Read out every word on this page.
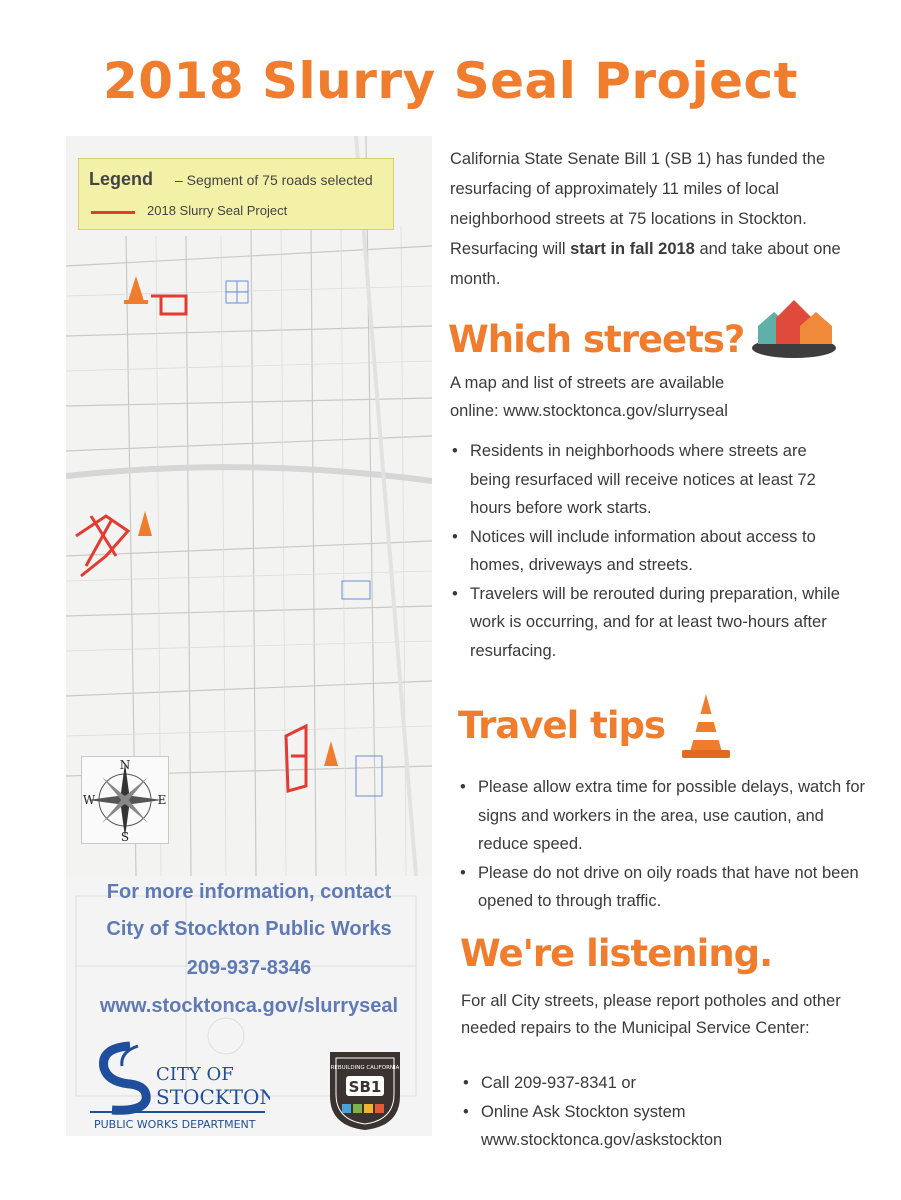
2018 Slurry Seal Project
Legend – Segment of 75 roads selected
2018 Slurry Seal Project
N
S
W	E
For more information, contact
City of Stockton Public Works
209-937-8346
www.stocktonca.gov/slurryseal
CITY OF
STOCKTON
PUBLIC WORKS DEPARTMENT
SB1
REBUILDING CALIFORNIA

California State Senate Bill 1 (SB 1) has funded the resurfacing of approximately 11 miles of local neighborhood streets at 75 locations in Stockton. Resurfacing will start in fall 2018 and take about one month.

Which streets?

A map and list of streets are available

online: www.stocktonca.gov/slurryseal

• Residents in neighborhoods where streets are being resurfaced will receive notices at least 72 hours before work starts.
• Notices will include information about access to homes, driveways and streets.
• Travelers will be rerouted during preparation, while work is occurring, and for at least two-hours after resurfacing.
Travel tips
• Please allow extra time for possible delays, watch for signs and workers in the area, use caution, and reduce speed.
• Please do not drive on oily roads that have not been opened to through traffic.
We're listening.

For all City streets, please report potholes and other needed repairs to the Municipal Service Center:

• Call 209-937-8341 or
• Online Ask Stockton system www.stocktonca.gov/askstockton
